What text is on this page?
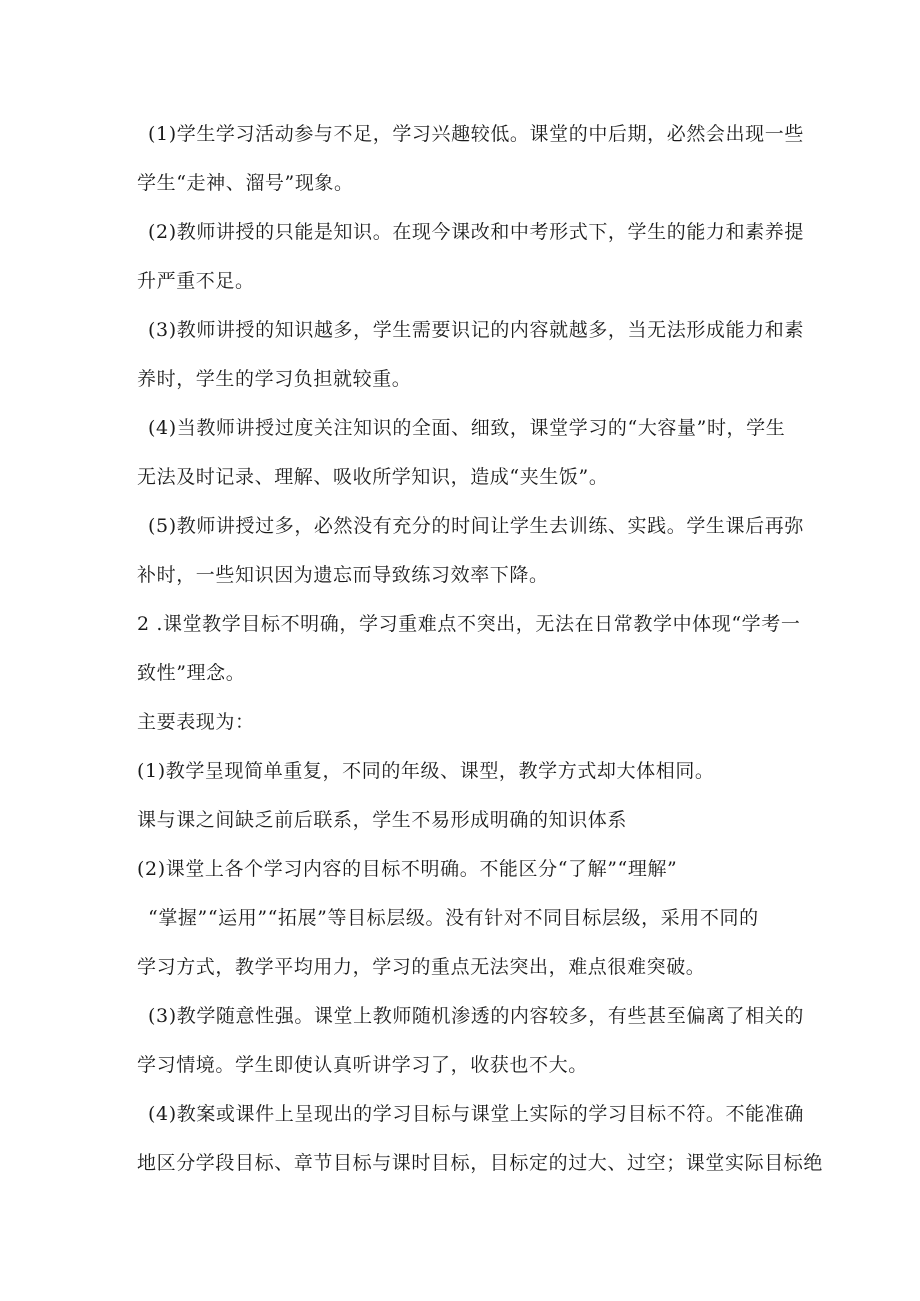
(1)学生学习活动参与不足，学习兴趣较低。课堂的中后期，必然会出现一些
学生“走神、溜号”现象。
(2)教师讲授的只能是知识。在现今课改和中考形式下，学生的能力和素养提
升严重不足。
(3)教师讲授的知识越多，学生需要识记的内容就越多，当无法形成能力和素
养时，学生的学习负担就较重。
(4)当教师讲授过度关注知识的全面、细致，课堂学习的“大容量”时，学生
无法及时记录、理解、吸收所学知识，造成“夹生饭”。
(5)教师讲授过多，必然没有充分的时间让学生去训练、实践。学生课后再弥
补时，一些知识因为遗忘而导致练习效率下降。
2 .课堂教学目标不明确，学习重难点不突出，无法在日常教学中体现“学考一
致性”理念。
主要表现为：
(1)教学呈现简单重复，不同的年级、课型，教学方式却大体相同。
课与课之间缺乏前后联系，学生不易形成明确的知识体系
(2)课堂上各个学习内容的目标不明确。不能区分“了解”“理解”
“掌握”“运用”“拓展”等目标层级。没有针对不同目标层级，采用不同的
学习方式，教学平均用力，学习的重点无法突出，难点很难突破。
(3)教学随意性强。课堂上教师随机渗透的内容较多，有些甚至偏离了相关的
学习情境。学生即使认真听讲学习了，收获也不大。
(4)教案或课件上呈现出的学习目标与课堂上实际的学习目标不符。不能准确
地区分学段目标、章节目标与课时目标，目标定的过大、过空；课堂实际目标绝
